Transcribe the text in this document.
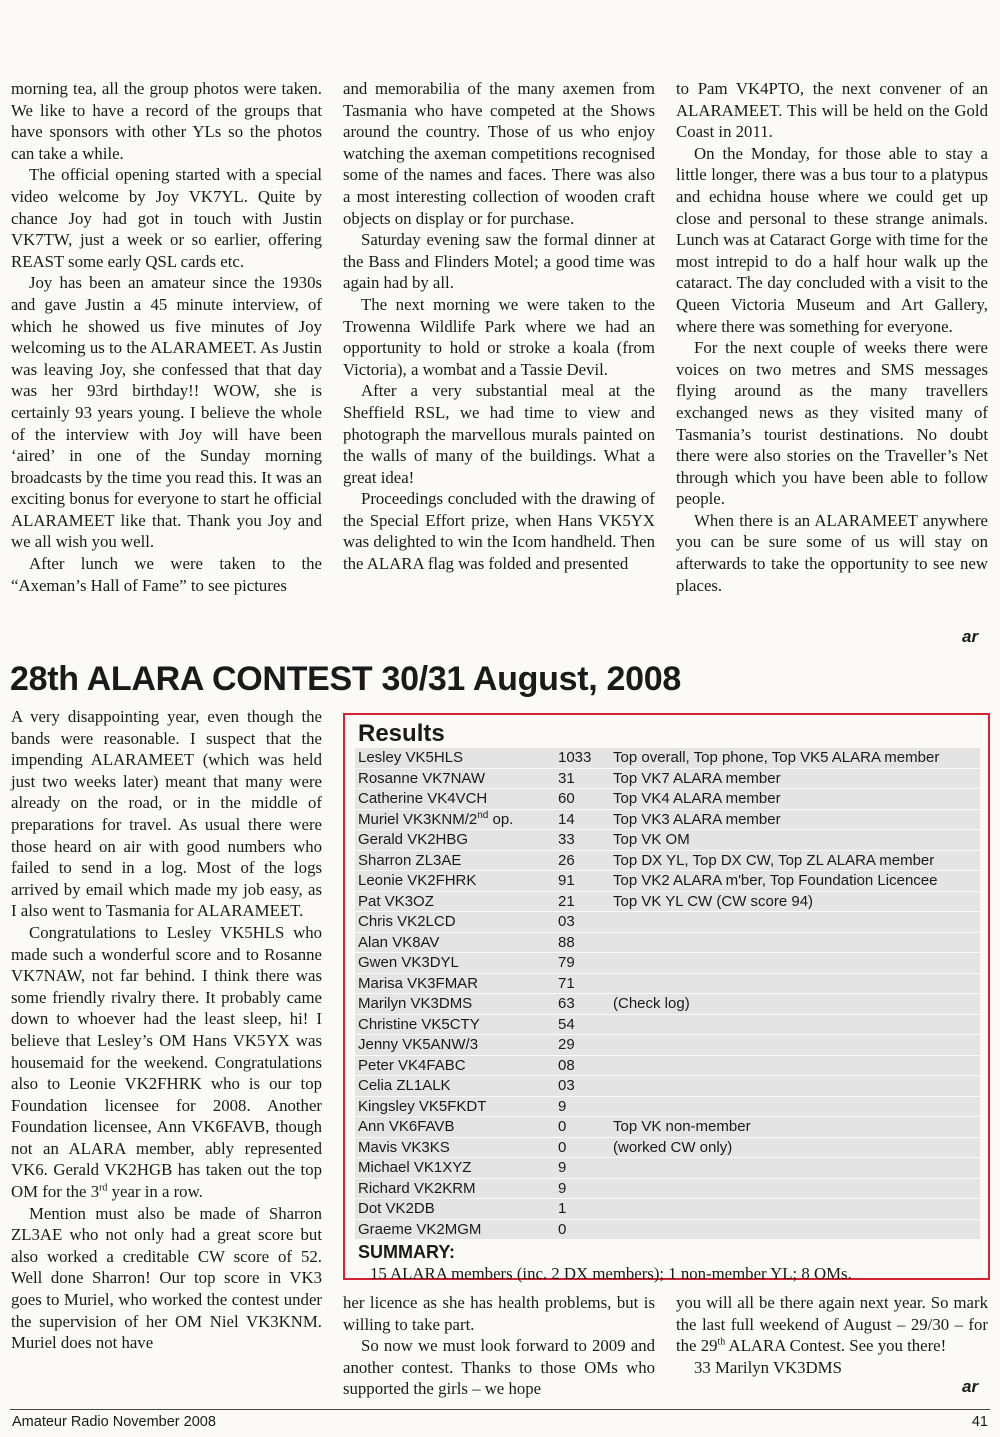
morning tea, all the group photos were taken. We like to have a record of the groups that have sponsors with other YLs so the photos can take a while.

The official opening started with a special video welcome by Joy VK7YL. Quite by chance Joy had got in touch with Justin VK7TW, just a week or so earlier, offering REAST some early QSL cards etc.

Joy has been an amateur since the 1930s and gave Justin a 45 minute interview, of which he showed us five minutes of Joy welcoming us to the ALARAMEET. As Justin was leaving Joy, she confessed that that day was her 93rd birthday!! WOW, she is certainly 93 years young. I believe the whole of the interview with Joy will have been ‘aired’ in one of the Sunday morning broadcasts by the time you read this. It was an exciting bonus for everyone to start he official ALARAMEET like that. Thank you Joy and we all wish you well.

After lunch we were taken to the “Axeman’s Hall of Fame” to see pictures

and memorabilia of the many axemen from Tasmania who have competed at the Shows around the country. Those of us who enjoy watching the axeman competitions recognised some of the names and faces. There was also a most interesting collection of wooden craft objects on display or for purchase.

Saturday evening saw the formal dinner at the Bass and Flinders Motel; a good time was again had by all.

The next morning we were taken to the Trowenna Wildlife Park where we had an opportunity to hold or stroke a koala (from Victoria), a wombat and a Tassie Devil.

After a very substantial meal at the Sheffield RSL, we had time to view and photograph the marvellous murals painted on the walls of many of the buildings. What a great idea!

Proceedings concluded with the drawing of the Special Effort prize, when Hans VK5YX was delighted to win the Icom handheld. Then the ALARA flag was folded and presented

to Pam VK4PTO, the next convener of an ALARAMEET. This will be held on the Gold Coast in 2011.

On the Monday, for those able to stay a little longer, there was a bus tour to a platypus and echidna house where we could get up close and personal to these strange animals. Lunch was at Cataract Gorge with time for the most intrepid to do a half hour walk up the cataract. The day concluded with a visit to the Queen Victoria Museum and Art Gallery, where there was something for everyone.

For the next couple of weeks there were voices on two metres and SMS messages flying around as the many travellers exchanged news as they visited many of Tasmania’s tourist destinations. No doubt there were also stories on the Traveller’s Net through which you have been able to follow people.

When there is an ALARAMEET anywhere you can be sure some of us will stay on afterwards to take the opportunity to see new places.

ar
28th ALARA CONTEST 30/31 August, 2008

A very disappointing year, even though the bands were reasonable. I suspect that the impending ALARAMEET (which was held just two weeks later) meant that many were already on the road, or in the middle of preparations for travel. As usual there were those heard on air with good numbers who failed to send in a log. Most of the logs arrived by email which made my job easy, as I also went to Tasmania for ALARAMEET.

Congratulations to Lesley VK5HLS who made such a wonderful score and to Rosanne VK7NAW, not far behind. I think there was some friendly rivalry there. It probably came down to whoever had the least sleep, hi! I believe that Lesley’s OM Hans VK5YX was housemaid for the weekend. Congratulations also to Leonie VK2FHRK who is our top Foundation licensee for 2008. Another Foundation licensee, Ann VK6FAVB, though not an ALARA member, ably represented VK6. Gerald VK2HGB has taken out the top OM for the 3rd year in a row.

Mention must also be made of Sharron ZL3AE who not only had a great score but also worked a creditable CW score of 52. Well done Sharron! Our top score in VK3 goes to Muriel, who worked the contest under the supervision of her OM Niel VK3KNM. Muriel does not have

Results
Lesley VK5HLS	1033	Top overall, Top phone, Top VK5 ALARA member
Rosanne VK7NAW	31	Top VK7 ALARA member
Catherine VK4VCH	60	Top VK4 ALARA member
Muriel VK3KNM/2nd op.	14	Top VK3 ALARA member
Gerald VK2HBG	33	Top VK OM
Sharron ZL3AE	26	Top DX YL, Top DX CW, Top ZL ALARA member
Leonie VK2FHRK	91	Top VK2 ALARA m'ber, Top Foundation Licencee
Pat VK3OZ	21	Top VK YL CW (CW score 94)
Chris VK2LCD	03	
Alan VK8AV	88	
Gwen VK3DYL	79	
Marisa VK3FMAR	71	
Marilyn VK3DMS	63	(Check log)
Christine VK5CTY	54	
Jenny VK5ANW/3	29	
Peter VK4FABC	08	
Celia ZL1ALK	03	
Kingsley VK5FKDT	9	
Ann VK6FAVB	0	Top VK non-member
Mavis VK3KS	0	(worked CW only)
Michael VK1XYZ	9	
Richard VK2KRM	9	
Dot VK2DB	1	
Graeme VK2MGM	0	
SUMMARY:
15 ALARA members (inc. 2 DX members); 1 non-member YL; 8 OMs.

her licence as she has health problems, but is willing to take part.

So now we must look forward to 2009 and another contest. Thanks to those OMs who supported the girls – we hope

you will all be there again next year. So mark the last full weekend of August – 29/30 – for the 29th ALARA Contest. See you there!

33 Marilyn VK3DMS

ar
Amateur Radio November 2008	41
